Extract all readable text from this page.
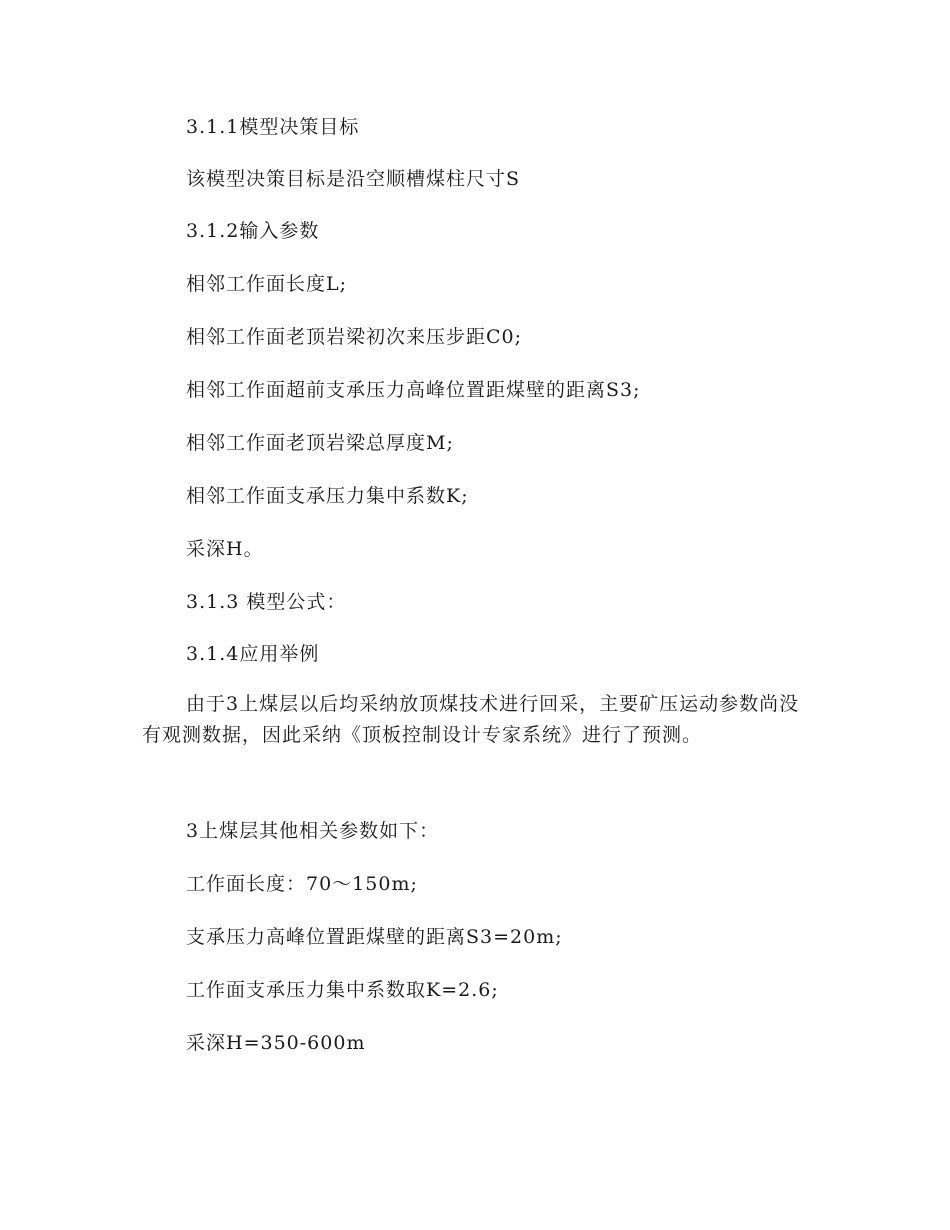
3.1.1模型决策目标
该模型决策目标是沿空顺槽煤柱尺寸S
3.1.2输入参数
相邻工作面长度L;
相邻工作面老顶岩梁初次来压步距C0;
相邻工作面超前支承压力高峰位置距煤壁的距离S3;
相邻工作面老顶岩梁总厚度M;
相邻工作面支承压力集中系数K;
采深H。
3.1.3 模型公式：
3.1.4应用举例
由于3上煤层以后均采纳放顶煤技术进行回采，主要矿压运动参数尚没有观测数据，因此采纳《顶板控制设计专家系统》进行了预测。
3上煤层其他相关参数如下：
工作面长度：70～150m;
支承压力高峰位置距煤壁的距离S3=20m;
工作面支承压力集中系数取K=2.6;
采深H=350-600m
